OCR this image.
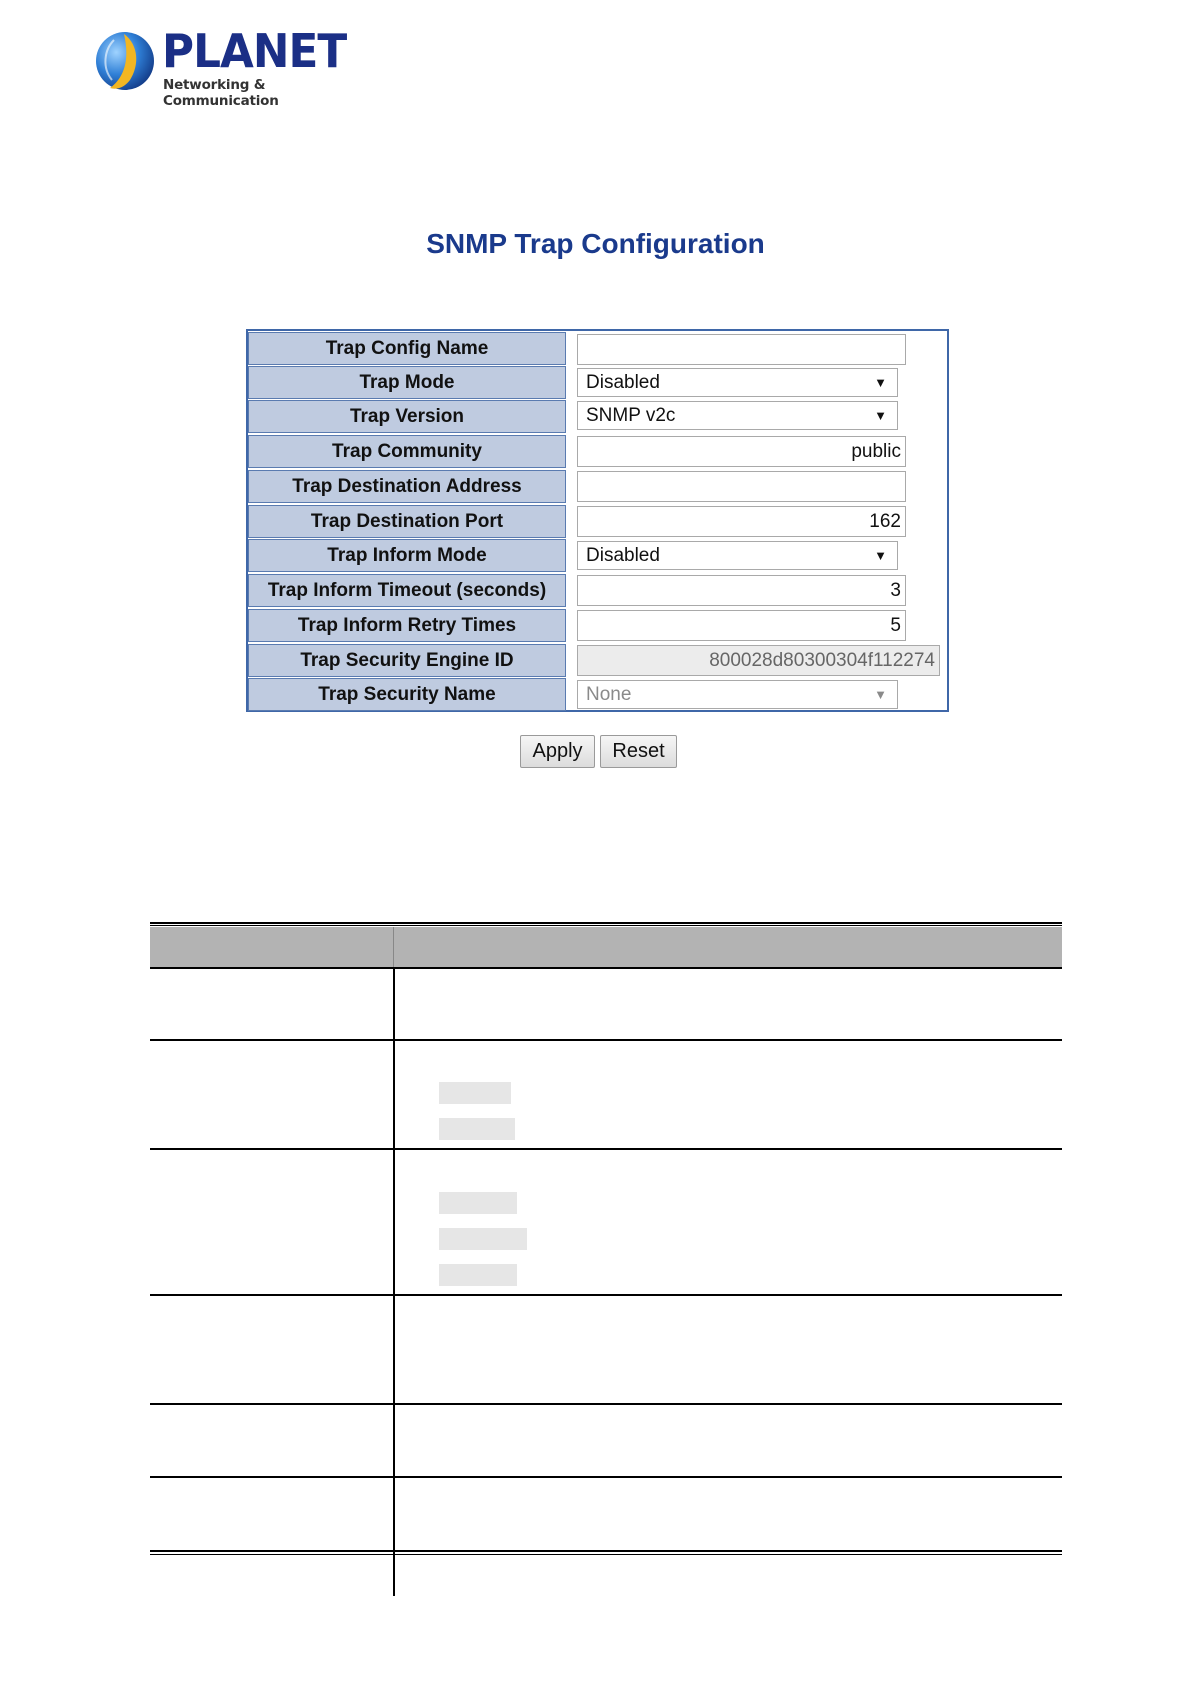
PLANET
Networking & Communication
SNMP Trap Configuration
Trap Config Name
Trap Mode	Disabled	▼
Trap Version	SNMP v2c	▼
Trap Community	public
Trap Destination Address
Trap Destination Port	162
Trap Inform Mode	Disabled	▼
Trap Inform Timeout (seconds)	3
Trap Inform Retry Times	5
Trap Security Engine ID	800028d80300304f112274
Trap Security Name	None	▼
Apply	Reset
